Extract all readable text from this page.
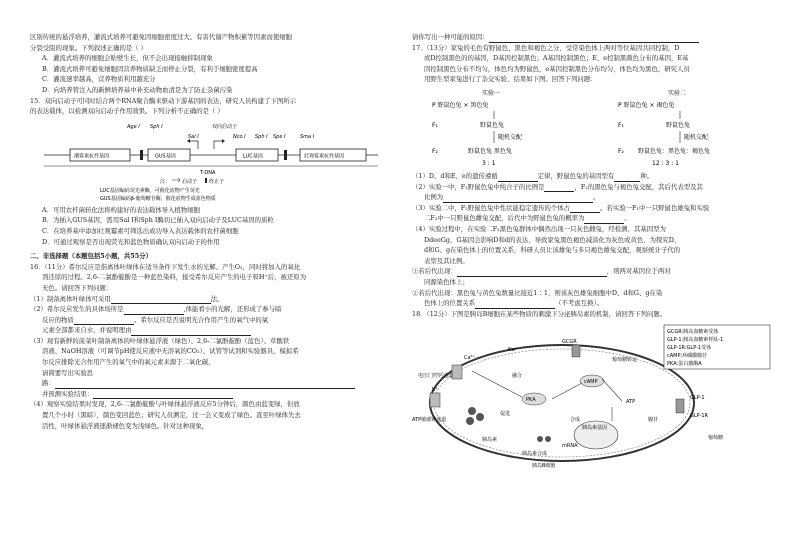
区别传统的悬浮培养，灌流式培养可避免因细胞密度过大、有害代谢产物积累等因素而使细胞

分裂受阻的现象。下列叙述正确的是（ ）

A．灌流式培养的细胞会贴壁生长，但不会出现接触抑制现象

B．灌流式培养可避免细胞因营养物质缺乏而停止分裂，有利于细胞密度提高

C．灌流速率越高，营养物质利用越充分

D．向培养管注入的新鲜培养基中补充动物血清是为了防止杂菌污染

15．双向启动子可同时结合两个RNA聚合酶来驱动下游基因的表达，研究人员构建了下图所示

的表达载体，以检测双向启动子作用效果。下列分析不正确的是（ ）

Age Ⅰ Sph Ⅰ	双向启动子
Sal Ⅰ	Nco Ⅰ Sph Ⅰ Spe Ⅰ	Sma Ⅰ
潮霉素抗性基因	GUS基因	LUC基因	壮观霉素抗性基因
T-DNA
注： 启动子 终止子
LUC基因编码荧光素酶，可催化底物产生荧光
GUS基因编码β-葡萄糖苷酶，催化底物生成蓝色物质

A．可用农杆菌转化法将构建好的表达载体导入植物细胞

B．为插入GUS基因，需用Sal Ⅰ和Sph Ⅰ酶切已插入双向启动子及LUC基因的质粒

C．在培养基中添加壮观霉素可筛选出成功导入表达载体的农杆菌细胞

D．可通过观察是否出现荧光和蓝色物质确认双向启动子的作用

二、非选择题（本题包括5小题，共55分）

16．（11分）希尔反应是指离体叶绿体在适当条件下发生水的光解、产生O₂，同时将加入的氧化

剂还原的过程。2,6-二氯酚靛酚是一种蓝色染料，接受希尔反应产生的电子和H⁺后，被还原为

无色。请回答下列问题：

（1）制备离体叶绿体可采用	法。

（2）希尔反应发生的具体场所是	,体能看小的光解，还形成了参与暗

反应的物质	。希尔反应是否说明光合作用产生的氧气中的氧

元素全部都来自水，并说明理由

（3）现有新鲜的菠菜叶制备离体的叶绿体悬浮液（绿色）、2,6-二氯酚靛酚（蓝色）、草酸铁

溶液、NaOH溶液（可调节pH使反应液中无溶氧的CO₂）、试管等试剂和实验器具，模拟希

尔反应排除光合作用产生的氧气中的氧元素来源于二氧化碳，

请简要写出实验思

路：

并预测实验结果：

（4）观察实验结果时发现，2,6-二氯酚靛酚与叶绿体悬浮液反应5分钟后，颜色由蓝变绿，但放

置几个小时（黑暗），颜色变回蓝色；研究人员测定，过一会又变成了绿色。直至叶绿体失去

活性，叶绿体悬浮液逐渐褪色变为浅绿色。针对这种现象，

请你写出一种可能的原因：

17．（13分）家兔的毛色有野鼠色、黑色和褐色之分，受常染色体上两对等位基因共同控制，D

或D控制黑色的的基因，D基因控制黑色；A基因控制黑色；E、e控制黑颜色分布的基因，E基

因控制黑色分布不均匀，体色均为野鼠色，e基因控制黑色分布均匀，体色均为黑色，研究人员

用野生型家兔进行了杂交实验，结果如下图。回答下列问题：

实验一
P 野鼠色兔 × 黑色兔
F₁	野鼠色兔
随机交配
F₂	野鼠色兔 黑色兔
3 : 1
实验二
P 野鼠色兔 × 褐色兔
F₁	野鼠色兔
随机交配
F₂ 野鼠色兔：黑色兔：褐色兔
12 : 3 : 1

（1）D、d和E、e的遗传遵循	定律，野鼠色兔的基因型有	种。

（2）实验一中，F₂野鼠色兔中纯合子的比例是	，F₂的黑色兔与褐色兔交配，其后代表型及其

比例为	。

（3）实验二中，F₂野鼠色兔中性状能稳定遗传的个体占	。若实验一F₁中一只野鼠色雄兔和实验

二F₂中一只野鼠色雌兔交配，后代中为野鼠色兔的概率为	。

（4）实验过程中，在实验二F₂黑色兔群体中偶然出现一只灰色雌兔，经检测，其基因型为

DdeeGg，G基因会影响D和d的表达，导致家兔黑色褐色减淡化为灰色或黄色，为探究D、

d和G、g在染色体上的位置关系，科研人员让该雄兔与多只褐色雄兔交配，观察统计子代的

表型及其比例。

①若后代出现：	，则两对基因位于两对

同源染色体上；

②若后代出现：黑色兔与黄色兔数量比接近1∶1，则该灰色雄兔细胞中D、d和G、g在染

色体上的位置关系	（不考虑互换）。

18．（12分）下图是胰岛B细胞在某些物质的刺激下分泌胰岛素的机制，请回答下列问题。

Ca²⁺
电压门控钙通道
K⁺
ATP敏感钾通道
Na⁺
GCGR
cAMP
PKA	ATP
GLP-1
GLP-1R
葡萄糖
腺苷
胰岛素
胰岛素合成
胰岛素基因
mRNA
促进
合成
融合
葡萄糖转运
胰岛B细胞
GCGR:胰高血糖素受体
GLP-1:胰高血糖素样肽-1
GLP-1R:GLP-1受体
cAMP:环磷酸腺苷
PKA:蛋白激酶A
